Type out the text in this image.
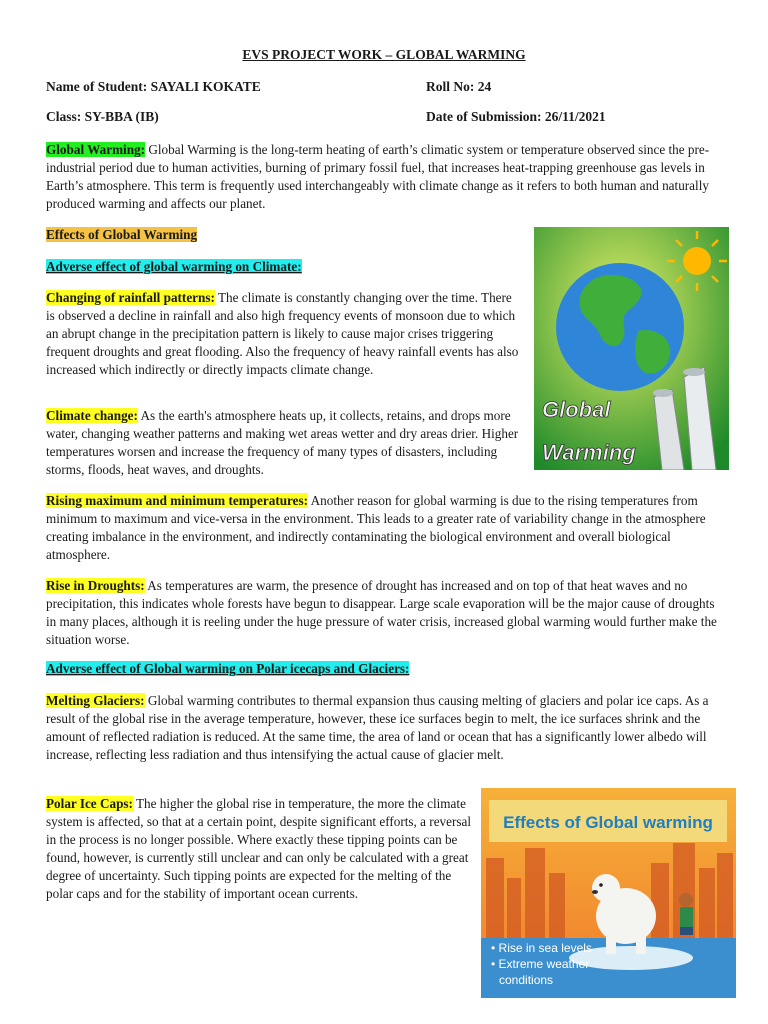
EVS PROJECT WORK – GLOBAL WARMING
Name of Student: SAYALI KOKATE	Roll No: 24
Class: SY-BBA (IB)	Date of Submission: 26/11/2021

Global Warming: Global Warming is the long-term heating of earth’s climatic system or temperature observed since the pre-industrial period due to human activities, burning of primary fossil fuel, that increases heat-trapping greenhouse gas levels in Earth’s atmosphere. This term is frequently used interchangeably with climate change as it refers to both human and naturally produced warming and affects our planet.

Effects of Global Warming
Adverse effect of global warming on Climate:

Changing of rainfall patterns: The climate is constantly changing over the time. There is observed a decline in rainfall and also high frequency events of monsoon due to which an abrupt change in the precipitation pattern is likely to cause major crises triggering frequent droughts and great flooding. Also the frequency of heavy rainfall events has also increased which indirectly or directly impacts climate change.

Climate change: As the earth's atmosphere heats up, it collects, retains, and drops more water, changing weather patterns and making wet areas wetter and dry areas drier. Higher temperatures worsen and increase the frequency of many types of disasters, including storms, floods, heat waves, and droughts.

Rising maximum and minimum temperatures: Another reason for global warming is due to the rising temperatures from minimum to maximum and vice-versa in the environment. This leads to a greater rate of variability change in the atmosphere creating imbalance in the environment, and indirectly contaminating the biological environment and overall biological atmosphere.

Rise in Droughts: As temperatures are warm, the presence of drought has increased and on top of that heat waves and no precipitation, this indicates whole forests have begun to disappear. Large scale evaporation will be the major cause of droughts in many places, although it is reeling under the huge pressure of water crisis, increased global warming would further make the situation worse.

Adverse effect of Global warming on Polar icecaps and Glaciers:

Melting Glaciers: Global warming contributes to thermal expansion thus causing melting of glaciers and polar ice caps. As a result of the global rise in the average temperature, however, these ice surfaces begin to melt, the ice surfaces shrink and the amount of reflected radiation is reduced. At the same time, the area of land or ocean that has a significantly lower albedo will increase, reflecting less radiation and thus intensifying the actual cause of glacier melt.

Polar Ice Caps: The higher the global rise in temperature, the more the climate system is affected, so that at a certain point, despite significant efforts, a reversal in the process is no longer possible. Where exactly these tipping points can be found, however, is currently still unclear and can only be calculated with a great degree of uncertainty. Such tipping points are expected for the melting of the polar caps and for the stability of important ocean currents.

Global
Warming
Effects of Global warming
• Rise in sea levels
• Extreme weather
conditions
